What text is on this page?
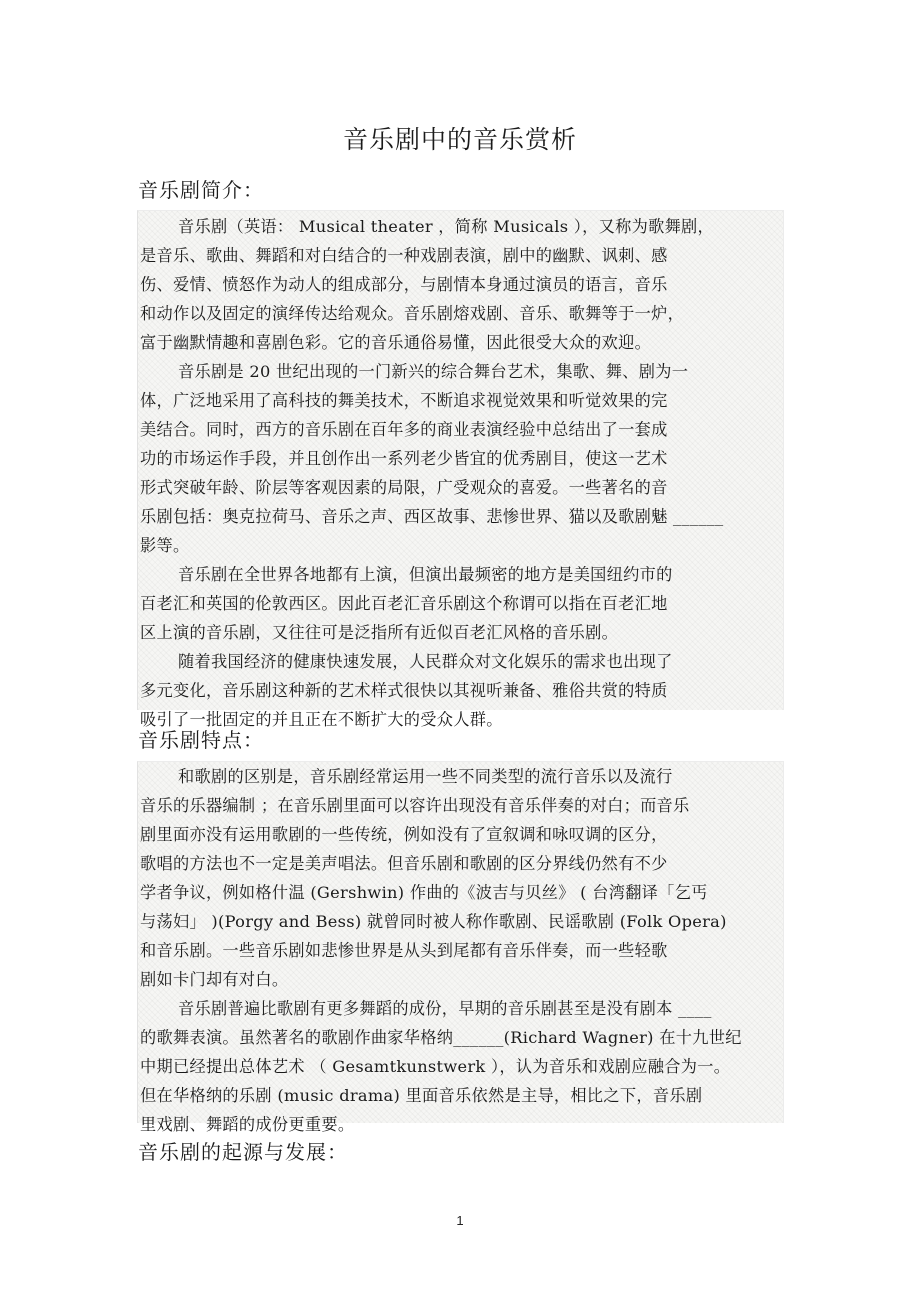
音乐剧中的音乐赏析
音乐剧简介：
音乐剧（英语： Musical theater ，简称 Musicals ），又称为歌舞剧，
是音乐、歌曲、舞蹈和对白结合的一种戏剧表演，剧中的幽默、讽刺、感
伤、爱情、愤怒作为动人的组成部分，与剧情本身通过演员的语言，音乐
和动作以及固定的演绎传达给观众。音乐剧熔戏剧、音乐、歌舞等于一炉，
富于幽默情趣和喜剧色彩。它的音乐通俗易懂，因此很受大众的欢迎。
音乐剧是 20 世纪出现的一门新兴的综合舞台艺术，集歌、舞、剧为一
体，广泛地采用了高科技的舞美技术，不断追求视觉效果和听觉效果的完
美结合。同时，西方的音乐剧在百年多的商业表演经验中总结出了一套成
功的市场运作手段，并且创作出一系列老少皆宜的优秀剧目，使这一艺术
形式突破年龄、阶层等客观因素的局限，广受观众的喜爱。一些著名的音
乐剧包括：奥克拉荷马、音乐之声、西区故事、悲惨世界、猫以及歌剧魅 ______
影等。
音乐剧在全世界各地都有上演，但演出最频密的地方是美国纽约市的
百老汇和英国的伦敦西区。因此百老汇音乐剧这个称谓可以指在百老汇地
区上演的音乐剧，又往往可是泛指所有近似百老汇风格的音乐剧。
随着我国经济的健康快速发展，人民群众对文化娱乐的需求也出现了
多元变化，音乐剧这种新的艺术样式很快以其视听兼备、雅俗共赏的特质
吸引了一批固定的并且正在不断扩大的受众人群。
音乐剧特点：
和歌剧的区别是，音乐剧经常运用一些不同类型的流行音乐以及流行
音乐的乐器编制 ；在音乐剧里面可以容许出现没有音乐伴奏的对白；而音乐
剧里面亦没有运用歌剧的一些传统，例如没有了宣叙调和咏叹调的区分，
歌唱的方法也不一定是美声唱法。但音乐剧和歌剧的区分界线仍然有不少
学者争议，例如格什温 (Gershwin) 作曲的《波吉与贝丝》 ( 台湾翻译「乞丐
与荡妇」 )(Porgy and Bess) 就曾同时被人称作歌剧、民谣歌剧 (Folk Opera)
和音乐剧。一些音乐剧如悲惨世界是从头到尾都有音乐伴奏，而一些轻歌
剧如卡门却有对白。
音乐剧普遍比歌剧有更多舞蹈的成份，早期的音乐剧甚至是没有剧本 ____
的歌舞表演。虽然著名的歌剧作曲家华格纳______(Richard Wagner) 在十九世纪
中期已经提出总体艺术 （ Gesamtkunstwerk ），认为音乐和戏剧应融合为一。
但在华格纳的乐剧 (music drama) 里面音乐依然是主导，相比之下，音乐剧
里戏剧、舞蹈的成份更重要。
音乐剧的起源与发展：
1
